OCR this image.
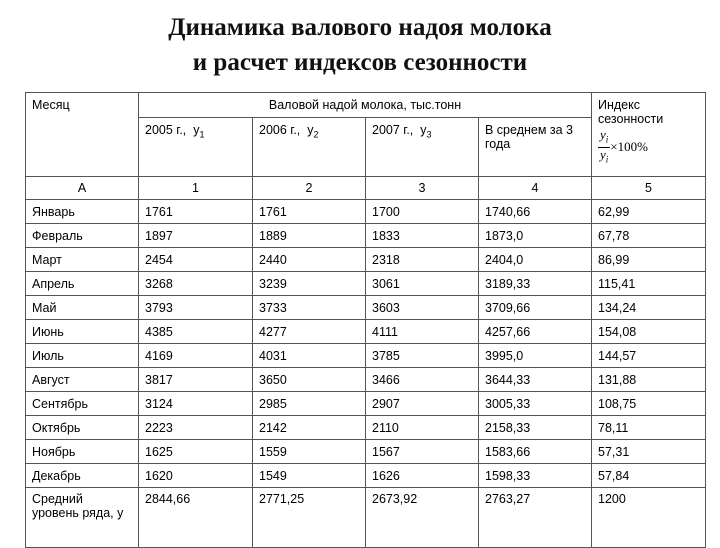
Динамика валового надоя молока
и расчет индексов сезонности
Месяц	Валовой надой молока, тыс.тонн				Индекс сезонности
$\frac{y_i}{y_i} \times 100\%$

	2005 г., $y_1$	2006 г., $y_2$	2007 г., $y_3$	В среднем за 3 года	
А	1	2	3	4	5
Январь	1761	1761	1700	1740,66	62,99
Февраль	1897	1889	1833	1873,0	67,78
Март	2454	2440	2318	2404,0	86,99
Апрель	3268	3239	3061	3189,33	115,41
Май	3793	3733	3603	3709,66	134,24
Июнь	4385	4277	4111	4257,66	154,08
Июль	4169	4031	3785	3995,0	144,57
Август	3817	3650	3466	3644,33	131,88
Сентябрь	3124	2985	2907	3005,33	108,75
Октябрь	2223	2142	2110	2158,33	78,11
Ноябрь	1625	1559	1567	1583,66	57,31
Декабрь	1620	1549	1626	1598,33	57,84
Средний уровень ряда, у	2844,66	2771,25	2673,92	2763,27	1200
